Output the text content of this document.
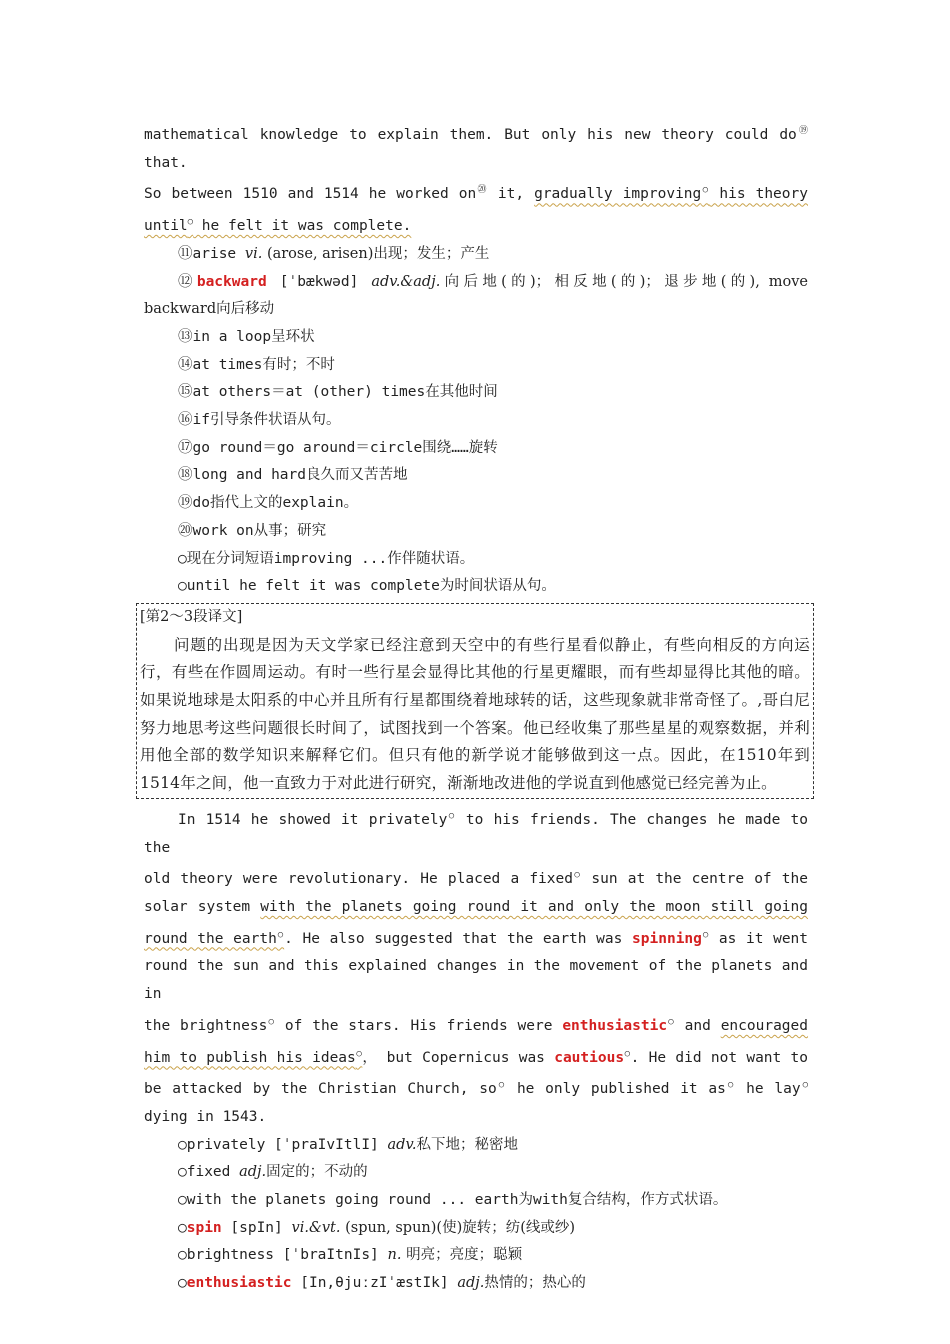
mathematical knowledge to explain them. But only his new theory could do⑲ that.

So between 1510 and 1514 he worked on⑳ it, gradually improving○ his theory

until○ he felt it was complete.

⑪arise vi. (arose, arisen)出现；发生；产生

⑫backward [ˈbækwəd] adv.&adj.向后地(的)；相反地(的)；退步地(的), move

backward向后移动

⑬in a loop呈环状

⑭at times有时；不时

⑮at others＝at (other) times在其他时间

⑯if引导条件状语从句。

⑰go round＝go around＝circle围绕……旋转

⑱long and hard良久而又苦苦地

⑲do指代上文的explain。

⑳work on从事；研究

○现在分词短语improving ...作伴随状语。

○until he felt it was complete为时间状语从句。

[第2～3段译文]
问题的出现是因为天文学家已经注意到天空中的有些行星看似静止，有些向相反的方向运行，有些在作圆周运动。有时一些行星会显得比其他的行星更耀眼，而有些却显得比其他的暗。如果说地球是太阳系的中心并且所有行星都围绕着地球转的话，这些现象就非常奇怪了。,哥白尼努力地思考这些问题很长时间了，试图找到一个答案。他已经收集了那些星星的观察数据，并利用他全部的数学知识来解释它们。但只有他的新学说才能够做到这一点。因此，在1510年到1514年之间，他一直致力于对此进行研究，渐渐地改进他的学说直到他感觉已经完善为止。

In 1514 he showed it privately○ to his friends. The changes he made to the

old theory were revolutionary. He placed a fixed○ sun at the centre of the

solar system with the planets going round it and only the moon still going

round the earth○. He also suggested that the earth was spinning○ as it went

round the sun and this explained changes in the movement of the planets and in

the brightness○ of the stars. His friends were enthusiastic○ and encouraged

him to publish his ideas○， but Copernicus was cautious○. He did not want to

be attacked by the Christian Church, so○ he only published it as○ he lay○

dying in 1543.

○privately [ˈpraIvItlI] adv.私下地；秘密地

○fixed adj.固定的；不动的

○with the planets going round ... earth为with复合结构，作方式状语。

○spin [spIn] vi.&vt. (spun, spun)(使)旋转；纺(线或纱)

○brightness [ˈbraItnIs] n. 明亮；亮度；聪颖

○enthusiastic [In,θjuːzIˈæstIk] adj.热情的；热心的
